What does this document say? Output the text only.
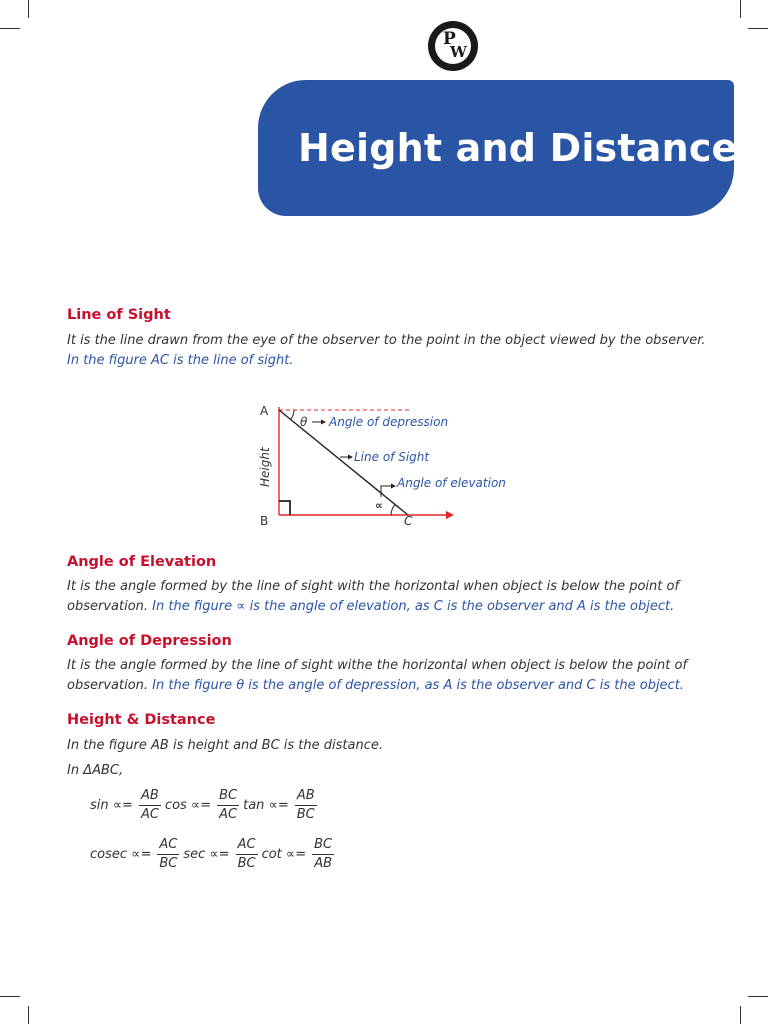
P
W
Height and Distance

Line of Sight

It is the line drawn from the eye of the observer to the point in the object viewed by the observer.

In the figure AC is the line of sight.

A
B	C
Height
θ
∝
Angle of depression
Line of Sight
Angle of elevation

Angle of Elevation

It is the angle formed by the line of sight with the horizontal when object is below the point of

observation. In the figure ∝ is the angle of elevation, as C is the observer and A is the object.

Angle of Depression

It is the angle formed by the line of sight withe the horizontal when object is below the point of

observation. In the figure θ is the angle of depression, as A is the observer and C is the object.

Height & Distance

In the figure AB is height and BC is the distance.

In ΔABC,

$\sin \propto= \frac{AB}{AC}$ $\cos \propto= \frac{BC}{AC}$ $\tan \propto= \frac{AB}{BC}$
$cosec \propto= \frac{AC}{BC}$ $\sec \propto= \frac{AC}{BC}$ $\cot \propto= \frac{BC}{AB}$
